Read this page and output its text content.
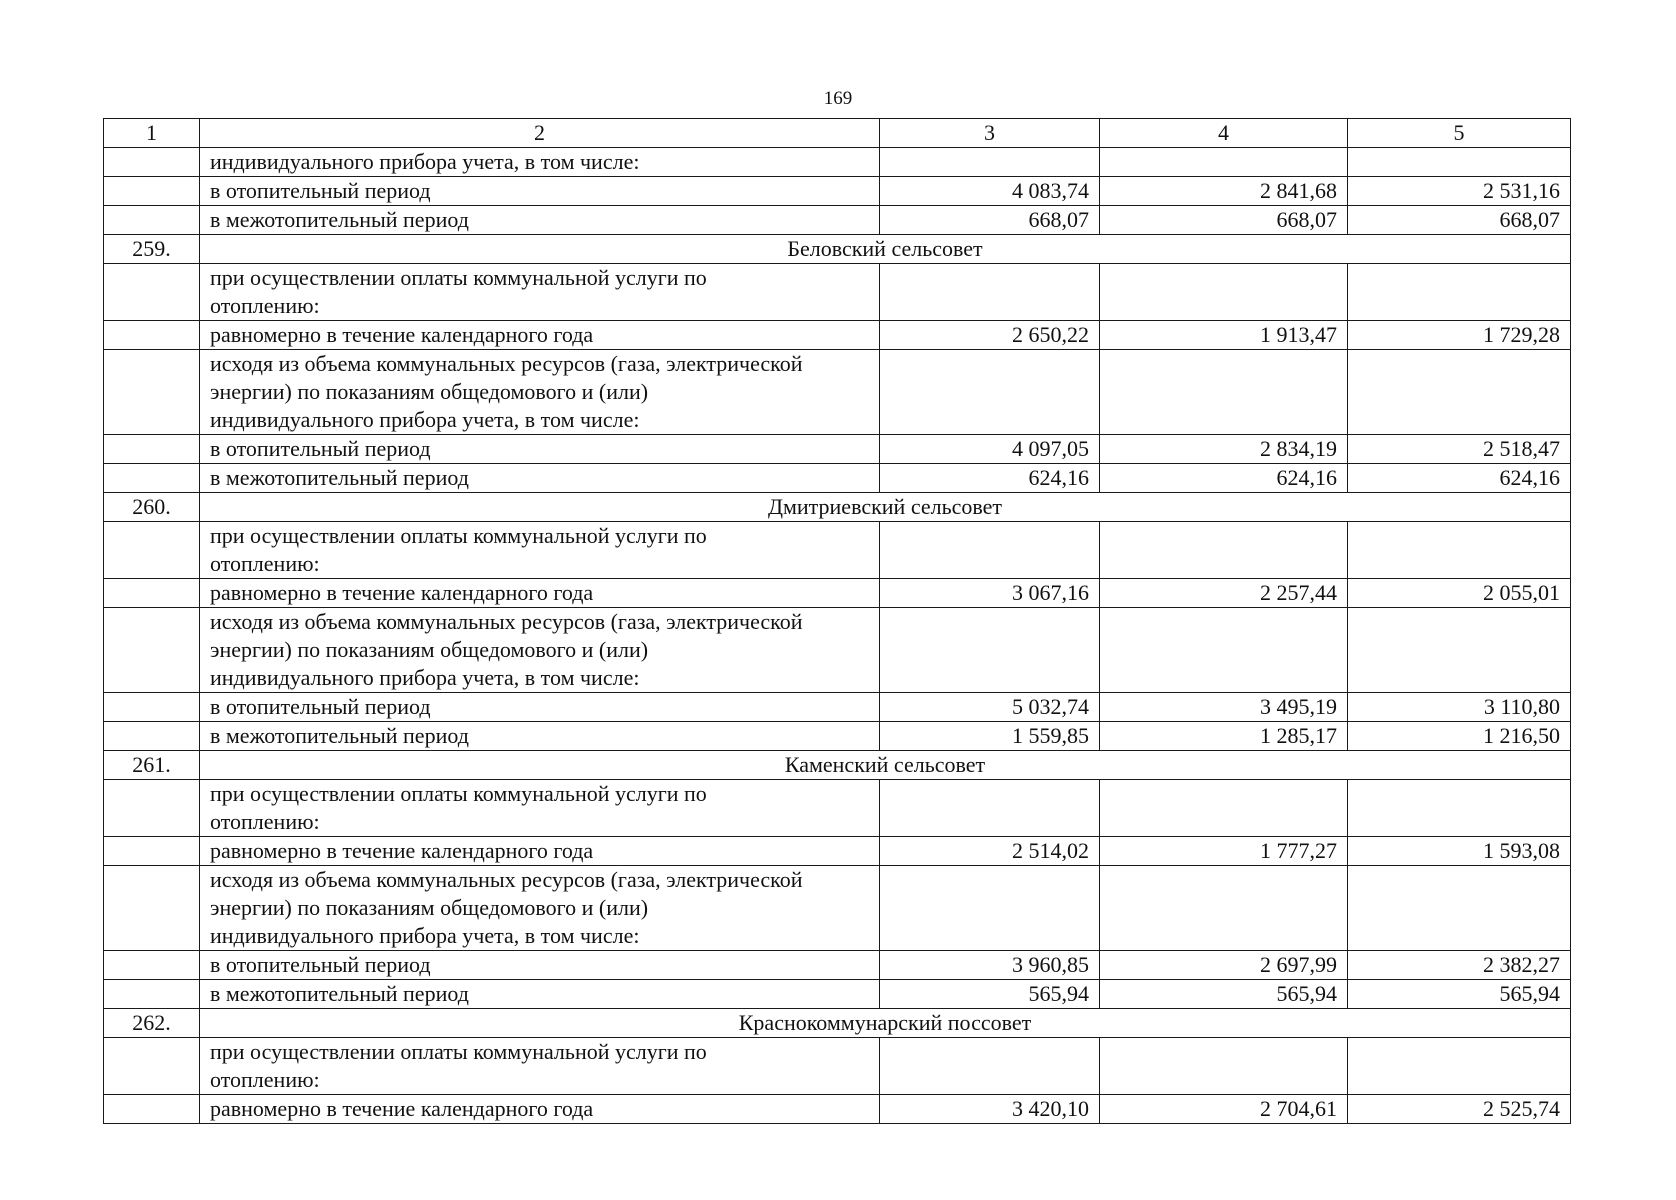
169
1	2	3	4	5
	индивидуального прибора учета, в том числе:			
	в отопительный период	4 083,74	2 841,68	2 531,16
	в межотопительный период	668,07	668,07	668,07
259.	Беловский сельсовет			
	при осуществлении оплаты коммунальной услуги по
отоплению:			
	равномерно в течение календарного года	2 650,22	1 913,47	1 729,28
	исходя из объема коммунальных ресурсов (газа, электрической
энергии) по показаниям общедомового и (или)
индивидуального прибора учета, в том числе:			
	в отопительный период	4 097,05	2 834,19	2 518,47
	в межотопительный период	624,16	624,16	624,16
260.	Дмитриевский сельсовет			
	при осуществлении оплаты коммунальной услуги по
отоплению:			
	равномерно в течение календарного года	3 067,16	2 257,44	2 055,01
	исходя из объема коммунальных ресурсов (газа, электрической
энергии) по показаниям общедомового и (или)
индивидуального прибора учета, в том числе:			
	в отопительный период	5 032,74	3 495,19	3 110,80
	в межотопительный период	1 559,85	1 285,17	1 216,50
261.	Каменский сельсовет			
	при осуществлении оплаты коммунальной услуги по
отоплению:			
	равномерно в течение календарного года	2 514,02	1 777,27	1 593,08
	исходя из объема коммунальных ресурсов (газа, электрической
энергии) по показаниям общедомового и (или)
индивидуального прибора учета, в том числе:			
	в отопительный период	3 960,85	2 697,99	2 382,27
	в межотопительный период	565,94	565,94	565,94
262.	Краснокоммунарский поссовет			
	при осуществлении оплаты коммунальной услуги по
отоплению:			
	равномерно в течение календарного года	3 420,10	2 704,61	2 525,74
